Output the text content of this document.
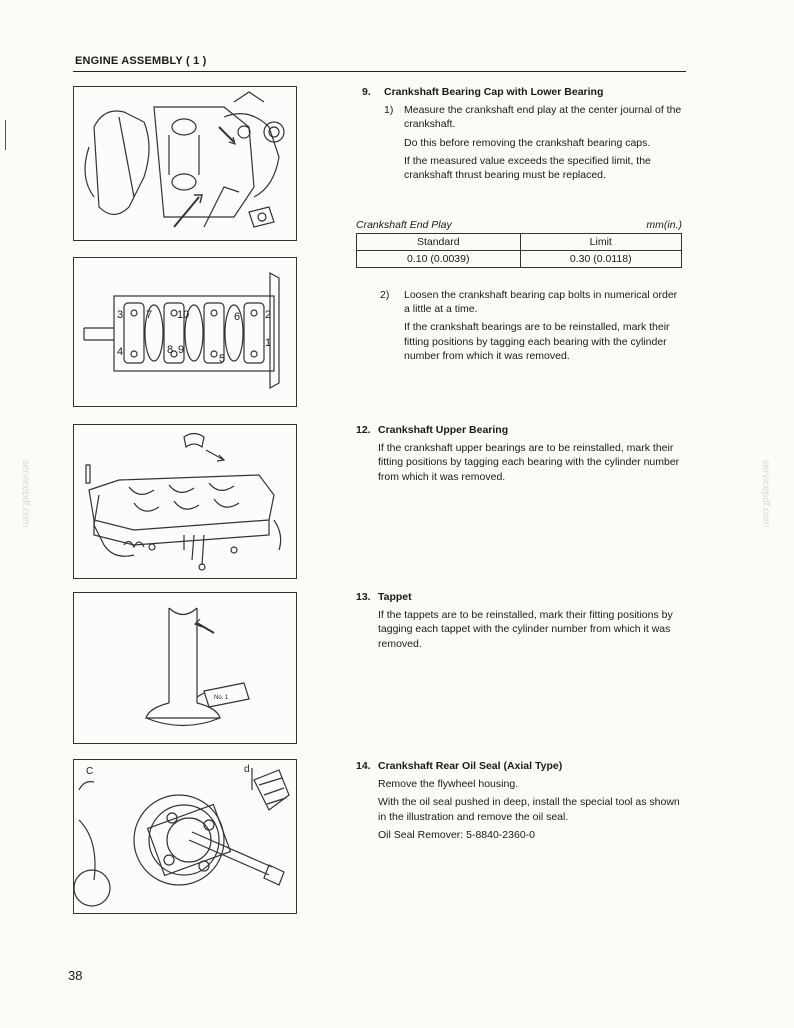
ENGINE ASSEMBLY ( 1 )
3 7 10	6 2
1
5
8 9
4
No. 1
C	d
9. Crankshaft Bearing Cap with Lower Bearing
1) Measure the crankshaft end play at the center journal of the crankshaft.

Do this before removing the crankshaft bearing caps.

If the measured value exceeds the specified limit, the crankshaft thrust bearing must be replaced.

Crankshaft End Play	mm(in.)
Standard	Limit
0.10 (0.0039)	0.30 (0.0118)
2) Loosen the crankshaft bearing cap bolts in numerical order a little at a time.

If the crankshaft bearings are to be reinstalled, mark their fitting positions by tagging each bearing with the cylinder number from which it was removed.

12. Crankshaft Upper Bearing

If the crankshaft upper bearings are to be reinstalled, mark their fitting positions by tagging each bearing with the cylinder number from which it was removed.

13. Tappet

If the tappets are to be reinstalled, mark their fitting positions by tagging each tappet with the cylinder number from which it was removed.

14. Crankshaft Rear Oil Seal (Axial Type)

Remove the flywheel housing.

With the oil seal pushed in deep, install the special tool as shown in the illustration and remove the oil seal.

Oil Seal Remover: 5-8840-2360-0

servicepdf.com	servicepdf.com
38
